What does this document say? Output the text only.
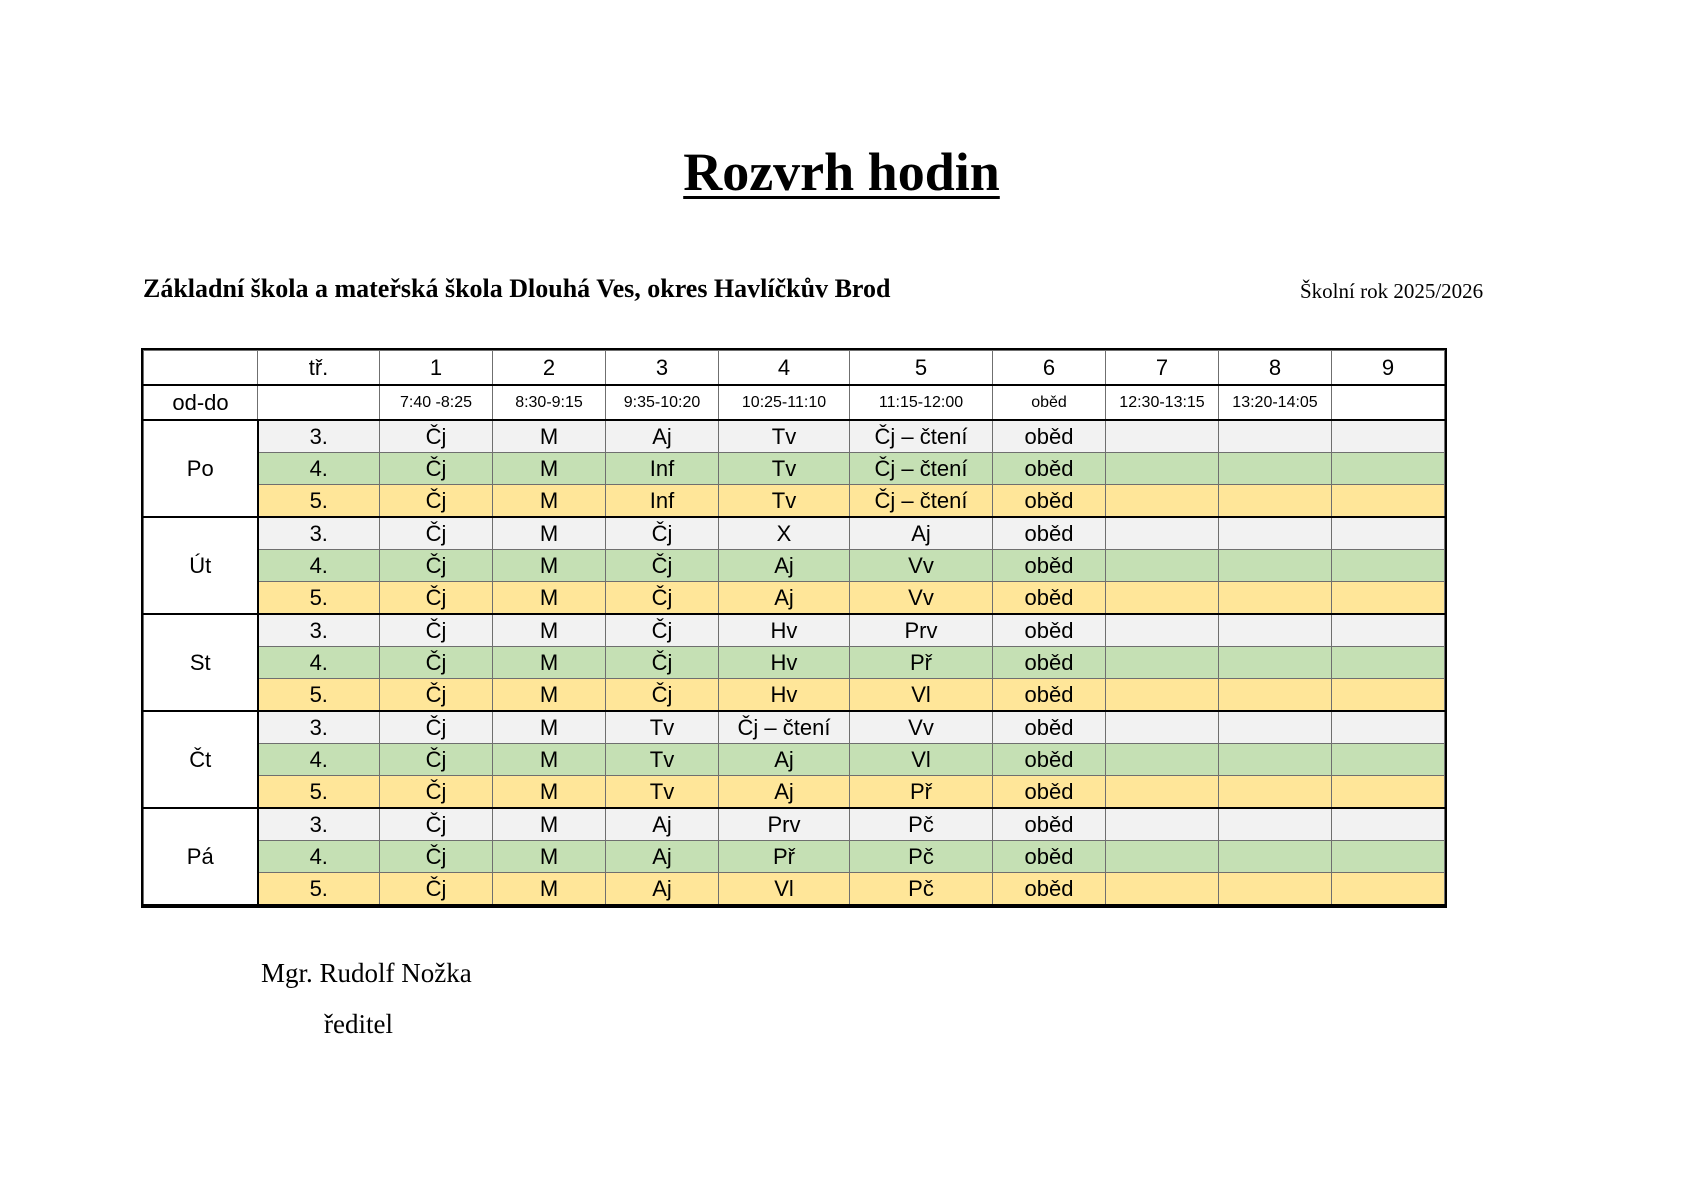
Rozvrh hodin
Základní škola a mateřská škola Dlouhá Ves, okres Havlíčkův Brod	Školní rok 2025/2026
	tř.	1	2	3	4	5	6	7	8	9
od-do		7:40 -8:25	8:30-9:15	9:35-10:20	10:25-11:10	11:15-12:00	oběd	12:30-13:15	13:20-14:05	
Po	3.	Čj	M	Aj	Tv	Čj – čtení	oběd			
	4.	Čj	M	Inf	Tv	Čj – čtení	oběd			
	5.	Čj	M	Inf	Tv	Čj – čtení	oběd			
Út	3.	Čj	M	Čj	X	Aj	oběd			
	4.	Čj	M	Čj	Aj	Vv	oběd			
	5.	Čj	M	Čj	Aj	Vv	oběd			
St	3.	Čj	M	Čj	Hv	Prv	oběd			
	4.	Čj	M	Čj	Hv	Př	oběd			
	5.	Čj	M	Čj	Hv	Vl	oběd			
Čt	3.	Čj	M	Tv	Čj – čtení	Vv	oběd			
	4.	Čj	M	Tv	Aj	Vl	oběd			
	5.	Čj	M	Tv	Aj	Př	oběd			
Pá	3.	Čj	M	Aj	Prv	Pč	oběd			
	4.	Čj	M	Aj	Př	Pč	oběd			
	5.	Čj	M	Aj	Vl	Pč	oběd			
Mgr. Rudolf Nožka
ředitel
